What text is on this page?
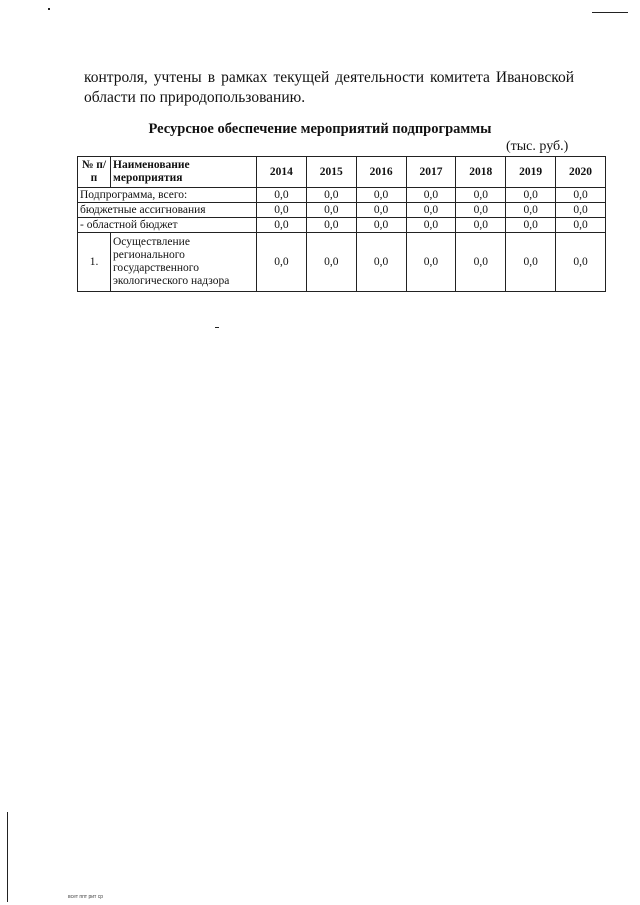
контроля, учтены в рамках текущей деятельности комитета Ивановской
области по природопользованию.
Ресурсное обеспечение мероприятий подпрограммы
(тыс. руб.)
№ п/п	Наименование мероприятия	2014	2015	2016	2017	2018	2019	2020
Подпрограмма, всего:		0,0	0,0	0,0	0,0	0,0	0,0	0,0
бюджетные ассигнования		0,0	0,0	0,0	0,0	0,0	0,0	0,0
- областной бюджет		0,0	0,0	0,0	0,0	0,0	0,0	0,0
1.	Осуществление регионального государственного экологического надзора	0,0	0,0	0,0	0,0	0,0	0,0	0,0
всет ппт рит ср
